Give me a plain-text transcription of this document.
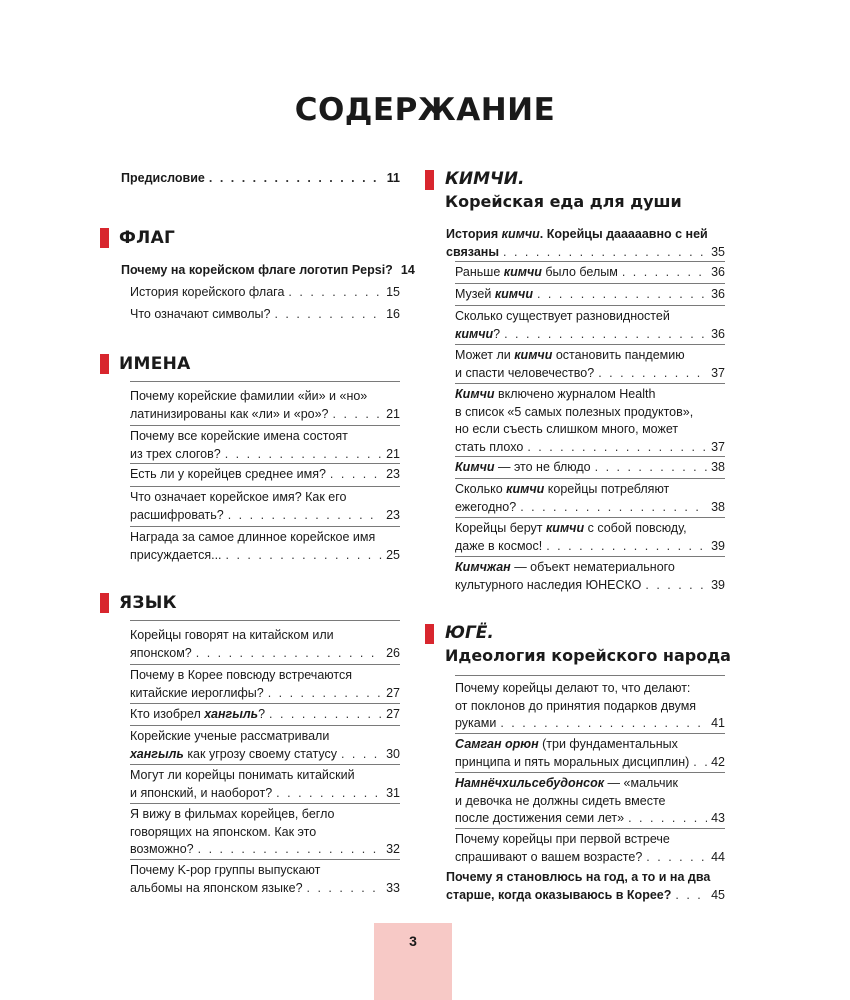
СОДЕРЖАНИЕ
Предисловие . . .	11
ФЛАГ
Почему на корейском флаге логотип Pepsi? 14
История корейского флага . . .	15
Что означают символы? . . .	16
ИМЕНА
Почему корейские фамилии «йи» и «но»
латинизированы как «ли» и «ро»? . . .	21
Почему все корейские имена состоят
из трех слогов? . . .	21
Есть ли у корейцев среднее имя? . . .	23
Что означает корейское имя? Как его
расшифровать? . . .	23
Награда за самое длинное корейское имя
присуждается... . . .	25
ЯЗЫК
Корейцы говорят на китайском или
японском? . . .	26
Почему в Корее повсюду встречаются
китайские иероглифы? . . .	27
Кто изобрел хангыль? . . .	27
Корейские ученые рассматривали
хангыль как угрозу своему статусу . . .	30
Могут ли корейцы понимать китайский
и японский, и наоборот? . . .	31
Я вижу в фильмах корейцев, бегло
говорящих на японском. Как это
возможно? . . .	32
Почему K-pop группы выпускают
альбомы на японском языке? . . .	33
КИМЧИ.
Корейская еда для души
История кимчи. Корейцы дааааавно с ней
связаны . . .	35
Раньше кимчи было белым . . .	36
Музей кимчи . . .	36
Сколько существует разновидностей
кимчи? . . .	36
Может ли кимчи остановить пандемию
и спасти человечество? . . .	37
Кимчи включено журналом Health
в список «5 самых полезных продуктов»,
но если съесть слишком много, может
стать плохо . . .	37
Кимчи — это не блюдо . . .	38
Сколько кимчи корейцы потребляют
ежегодно? . . .	38
Корейцы берут кимчи с собой повсюду,
даже в космос! . . .	39
Кимчжан — объект нематериального
культурного наследия ЮНЕСКО . . .	39
ЮГЁ.
Идеология корейского народа
Почему корейцы делают то, что делают:
от поклонов до принятия подарков двумя
руками . . .	41
Самган орюн (три фундаментальных
принципа и пять моральных дисциплин) . . . 42
Намнёчхильсебудонсок — «мальчик
и девочка не должны сидеть вместе
после достижения семи лет» . . .	43
Почему корейцы при первой встрече
спрашивают о вашем возрасте? . . .	44
Почему я становлюсь на год, а то и на два
старше, когда оказываюсь в Корее? . . .	45
3
